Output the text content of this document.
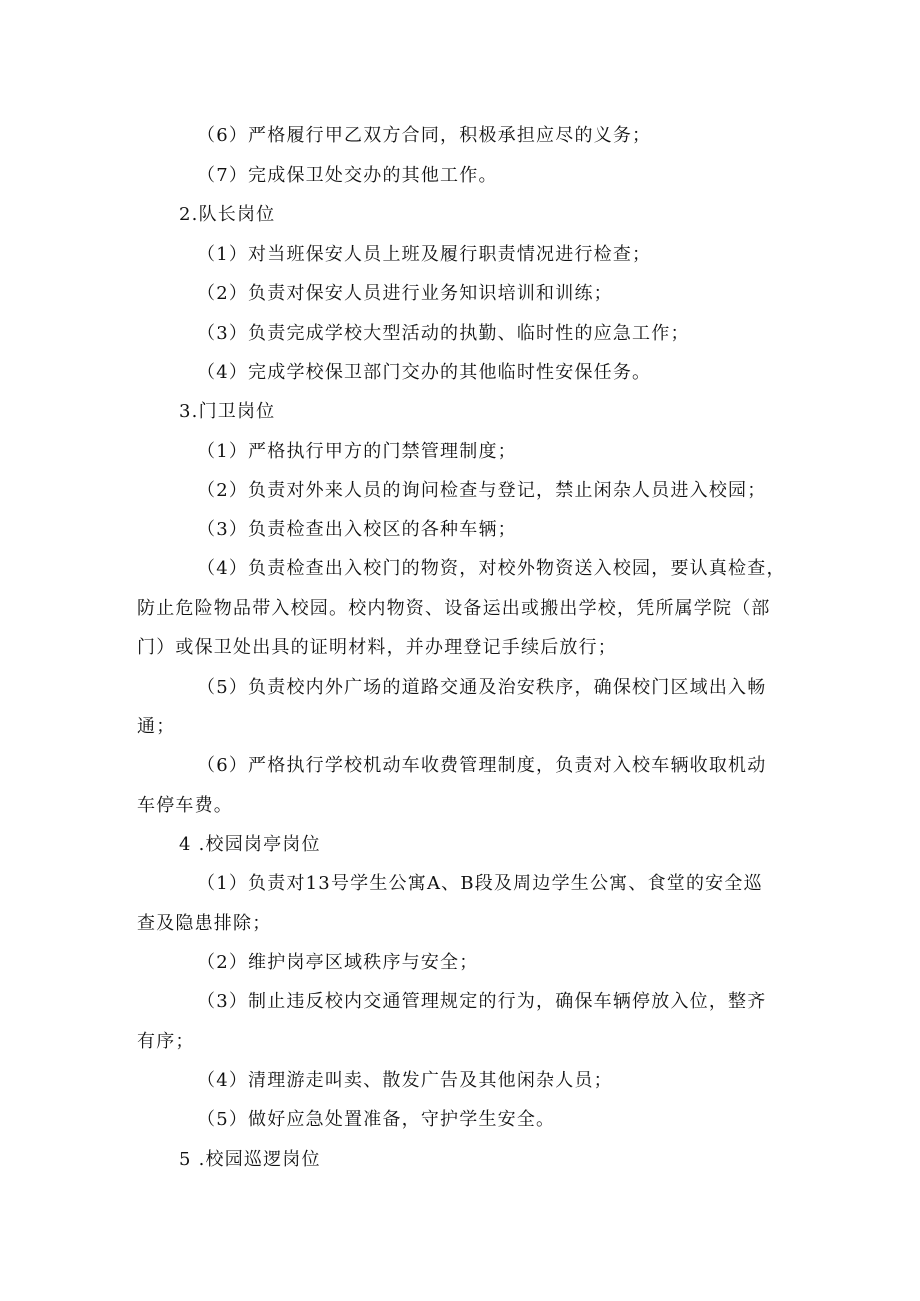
（6）严格履行甲乙双方合同，积极承担应尽的义务；
（7）完成保卫处交办的其他工作。
2.队长岗位
（1）对当班保安人员上班及履行职责情况进行检查；
（2）负责对保安人员进行业务知识培训和训练；
（3）负责完成学校大型活动的执勤、临时性的应急工作；
（4）完成学校保卫部门交办的其他临时性安保任务。
3.门卫岗位
（1）严格执行甲方的门禁管理制度；
（2）负责对外来人员的询问检查与登记，禁止闲杂人员进入校园；
（3）负责检查出入校区的各种车辆；
（4）负责检查出入校门的物资，对校外物资送入校园，要认真检查，
防止危险物品带入校园。校内物资、设备运出或搬出学校，凭所属学院（部
门）或保卫处出具的证明材料，并办理登记手续后放行；
（5）负责校内外广场的道路交通及治安秩序，确保校门区域出入畅
通；
（6）严格执行学校机动车收费管理制度，负责对入校车辆收取机动
车停车费。
4 .校园岗亭岗位
（1）负责对13号学生公寓A、B段及周边学生公寓、食堂的安全巡
查及隐患排除；
（2）维护岗亭区域秩序与安全；
（3）制止违反校内交通管理规定的行为，确保车辆停放入位，整齐
有序；
（4）清理游走叫卖、散发广告及其他闲杂人员；
（5）做好应急处置准备，守护学生安全。
5 .校园巡逻岗位
